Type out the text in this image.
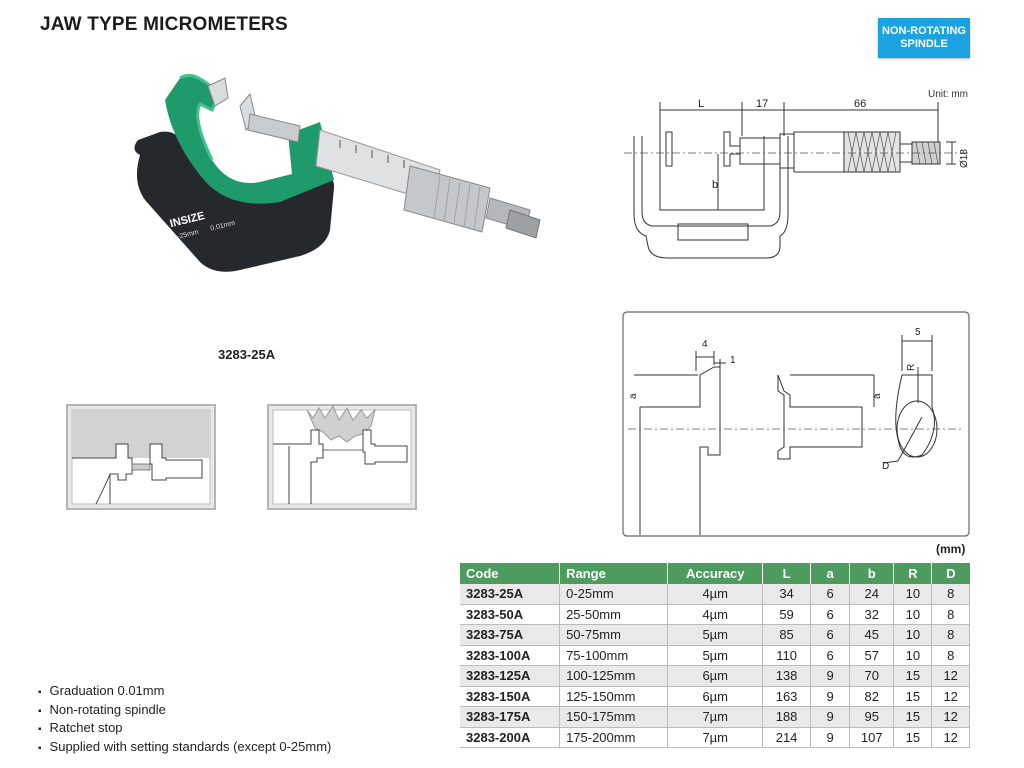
JAW TYPE MICROMETERS	NON-ROTATING
SPINDLE
INSIZE
0-25mm
0.01mm
3283-25A
Unit: mm
L	17	66
Ø18
b
4
1
a	a
5
R
D
(mm)
Code	Range	Accuracy	L	a	b	R	D
3283-25A	0-25mm	4µm	34	6	24	10	8
3283-50A	25-50mm	4µm	59	6	32	10	8
3283-75A	50-75mm	5µm	85	6	45	10	8
3283-100A	75-100mm	5µm	110	6	57	10	8
3283-125A	100-125mm	6µm	138	9	70	15	12
3283-150A	125-150mm	6µm	163	9	82	15	12
3283-175A	150-175mm	7µm	188	9	95	15	12
3283-200A	175-200mm	7µm	214	9	107	15	12
▪ Graduation 0.01mm
▪ Non-rotating spindle
▪ Ratchet stop
▪ Supplied with setting standards (except 0-25mm)
